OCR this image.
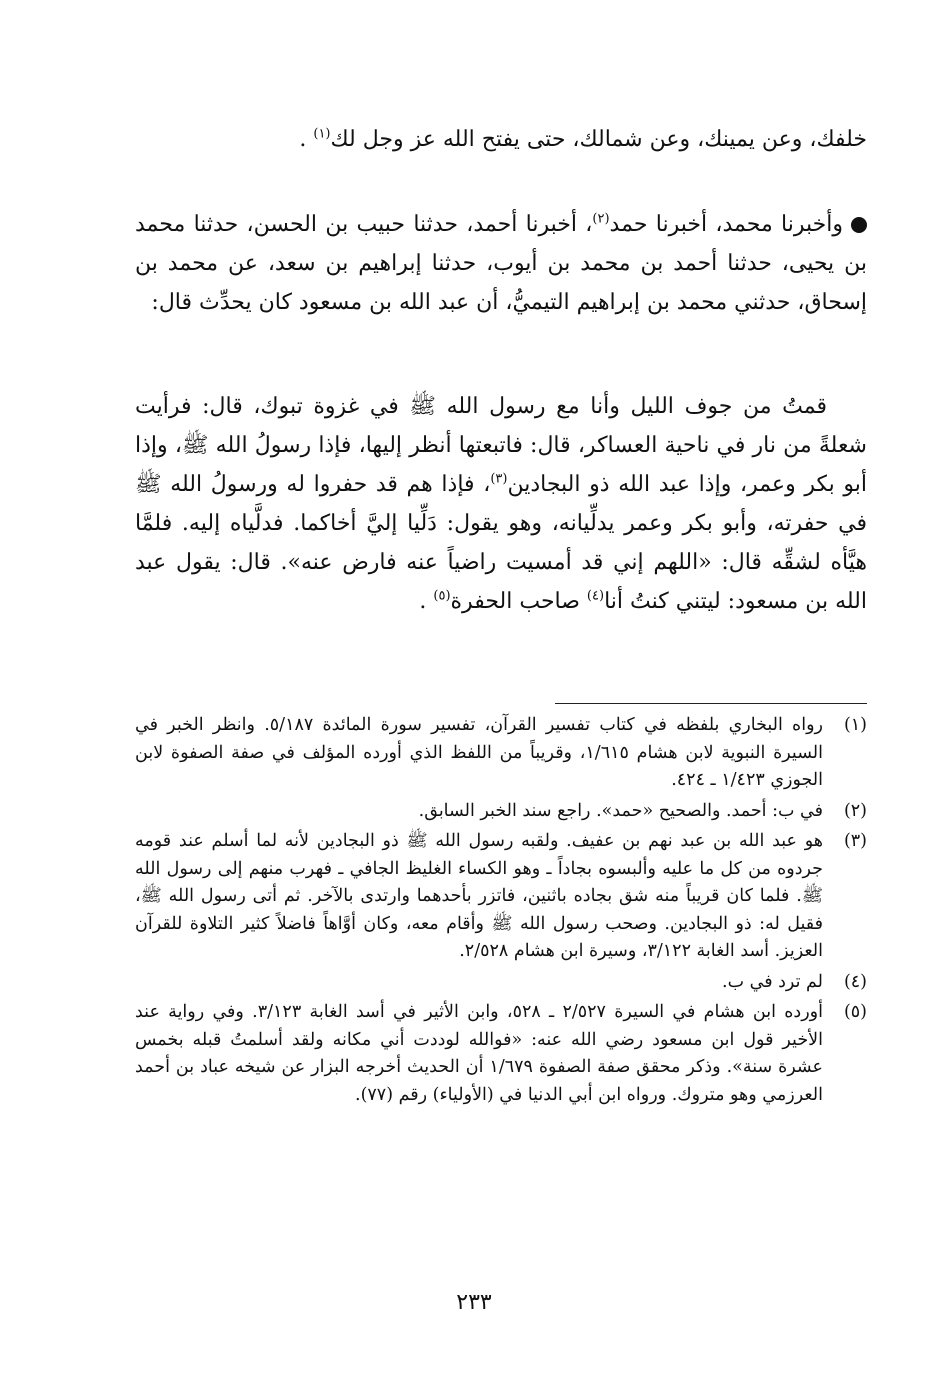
خلفك، وعن يمينك، وعن شمالك، حتى يفتح الله عز وجل لك$^{(١)}$ .

وأخبرنا محمد، أخبرنا حمد$^{(٢)}$، أخبرنا أحمد، حدثنا حبيب بن الحسن، حدثنا محمد بن يحيى، حدثنا أحمد بن محمد بن أيوب، حدثنا إبراهيم بن سعد، عن محمد بن إسحاق، حدثني محمد بن إبراهيم التيميُّ، أن عبد الله بن مسعود كان يحدِّث قال:

قمتُ من جوف الليل وأنا مع رسول الله ﷺ في غزوة تبوك، قال: فرأيت شعلةً من نار في ناحية العساكر، قال: فاتبعتها أنظر إليها، فإذا رسولُ الله ﷺ، وإذا أبو بكر وعمر، وإذا عبد الله ذو البجادين$^{(٣)}$، فإذا هم قد حفروا له ورسولُ الله ﷺ في حفرته، وأبو بكر وعمر يدلِّيانه، وهو يقول: دَلِّيا إليَّ أخاكما. فدلَّياه إليه. فلمَّا هيَّأه لشقِّه قال: «اللهم إني قد أمسيت راضياً عنه فارض عنه». قال: يقول عبد الله بن مسعود: ليتني كنتُ أنا$^{(٤)}$ صاحب الحفرة$^{(٥)}$ .

(١)
رواه البخاري بلفظه في كتاب تفسير القرآن، تفسير سورة المائدة ٥/١٨٧. وانظر الخبر في السيرة النبوية لابن هشام ١/٦١٥، وقريباً من اللفظ الذي أورده المؤلف في صفة الصفوة لابن الجوزي ١/٤٢٣ ـ ٤٢٤.
(٢)
في ب: أحمد. والصحيح «حمد». راجع سند الخبر السابق.
(٣)
هو عبد الله بن عبد نهم بن عفيف. ولقبه رسول الله ﷺ ذو البجادين لأنه لما أسلم عند قومه جردوه من كل ما عليه وألبسوه بجاداً ـ وهو الكساء الغليظ الجافي ـ فهرب منهم إلى رسول الله ﷺ. فلما كان قريباً منه شق بجاده باثنين، فاتزر بأحدهما وارتدى بالآخر. ثم أتى رسول الله ﷺ، فقيل له: ذو البجادين. وصحب رسول الله ﷺ وأقام معه، وكان أوَّاهاً فاضلاً كثير التلاوة للقرآن العزيز. أسد الغابة ٣/١٢٢، وسيرة ابن هشام ٢/٥٢٨.
(٤)
لم ترد في ب.
(٥)
أورده ابن هشام في السيرة ٢/٥٢٧ ـ ٥٢٨، وابن الأثير في أسد الغابة ٣/١٢٣. وفي رواية عند الأخير قول ابن مسعود رضي الله عنه: «فوالله لوددت أني مكانه ولقد أسلمتُ قبله بخمس عشرة سنة». وذكر محقق صفة الصفوة ١/٦٧٩ أن الحديث أخرجه البزار عن شيخه عباد بن أحمد العرزمي وهو متروك. ورواه ابن أبي الدنيا في (الأولياء) رقم (٧٧).
٢٣٣
